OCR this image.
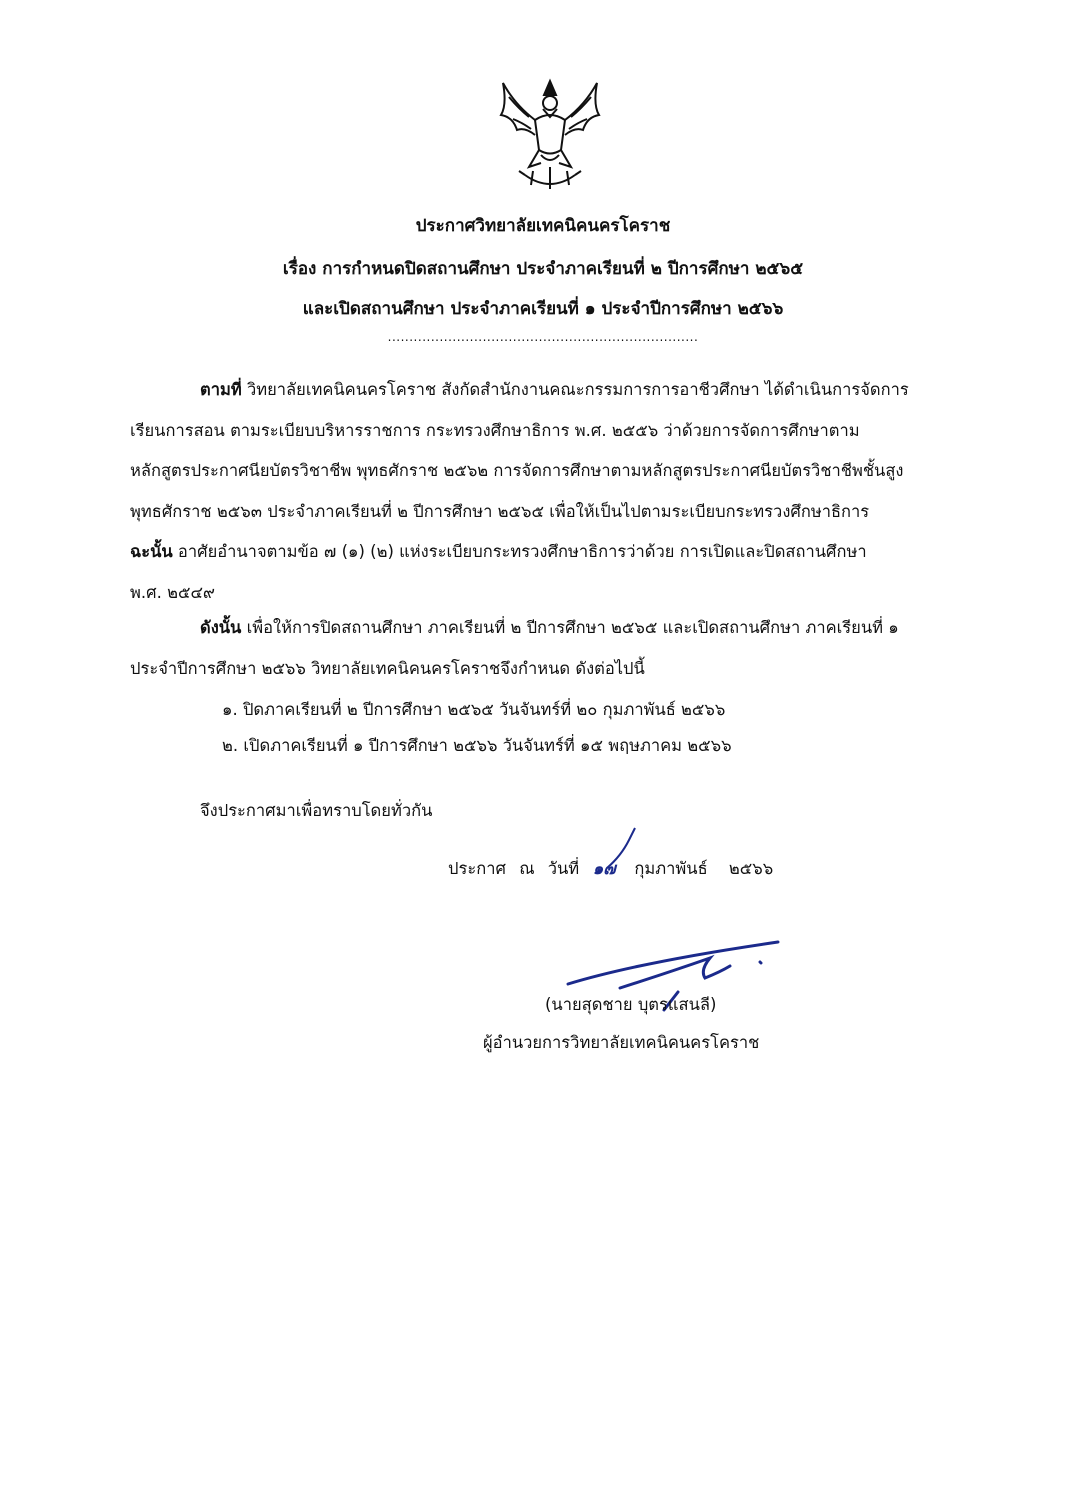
ประกาศวิทยาลัยเทคนิคนครโคราช
เรื่อง การกำหนดปิดสถานศึกษา ประจำภาคเรียนที่ ๒ ปีการศึกษา ๒๕๖๕
และเปิดสถานศึกษา ประจำภาคเรียนที่ ๑ ประจำปีการศึกษา ๒๕๖๖
........................................................................
ตามที่ วิทยาลัยเทคนิคนครโคราช สังกัดสำนักงานคณะกรรมการการอาชีวศึกษา ได้ดำเนินการจัดการ
เรียนการสอน ตามระเบียบบริหารราชการ กระทรวงศึกษาธิการ พ.ศ. ๒๕๕๖ ว่าด้วยการจัดการศึกษาตาม
หลักสูตรประกาศนียบัตรวิชาชีพ พุทธศักราช ๒๕๖๒ การจัดการศึกษาตามหลักสูตรประกาศนียบัตรวิชาชีพชั้นสูง
พุทธศักราช ๒๕๖๓ ประจำภาคเรียนที่ ๒ ปีการศึกษา ๒๕๖๕ เพื่อให้เป็นไปตามระเบียบกระทรวงศึกษาธิการ
ฉะนั้น อาศัยอำนาจตามข้อ ๗ (๑) (๒) แห่งระเบียบกระทรวงศึกษาธิการว่าด้วย การเปิดและปิดสถานศึกษา
พ.ศ. ๒๕๔๙
ดังนั้น เพื่อให้การปิดสถานศึกษา ภาคเรียนที่ ๒ ปีการศึกษา ๒๕๖๕ และเปิดสถานศึกษา ภาคเรียนที่ ๑
ประจำปีการศึกษา ๒๕๖๖ วิทยาลัยเทคนิคนครโคราชจึงกำหนด ดังต่อไปนี้
๑. ปิดภาคเรียนที่ ๒ ปีการศึกษา ๒๕๖๕ วันจันทร์ที่ ๒๐ กุมภาพันธ์ ๒๕๖๖
๒. เปิดภาคเรียนที่ ๑ ปีการศึกษา ๒๕๖๖ วันจันทร์ที่ ๑๕ พฤษภาคม ๒๕๖๖
จึงประกาศมาเพื่อทราบโดยทั่วกัน
ประกาศ ณ วันที่ ๑๗ กุมภาพันธ์ ๒๕๖๖
(นายสุดชาย บุตรแสนลี)
ผู้อำนวยการวิทยาลัยเทคนิคนครโคราช
